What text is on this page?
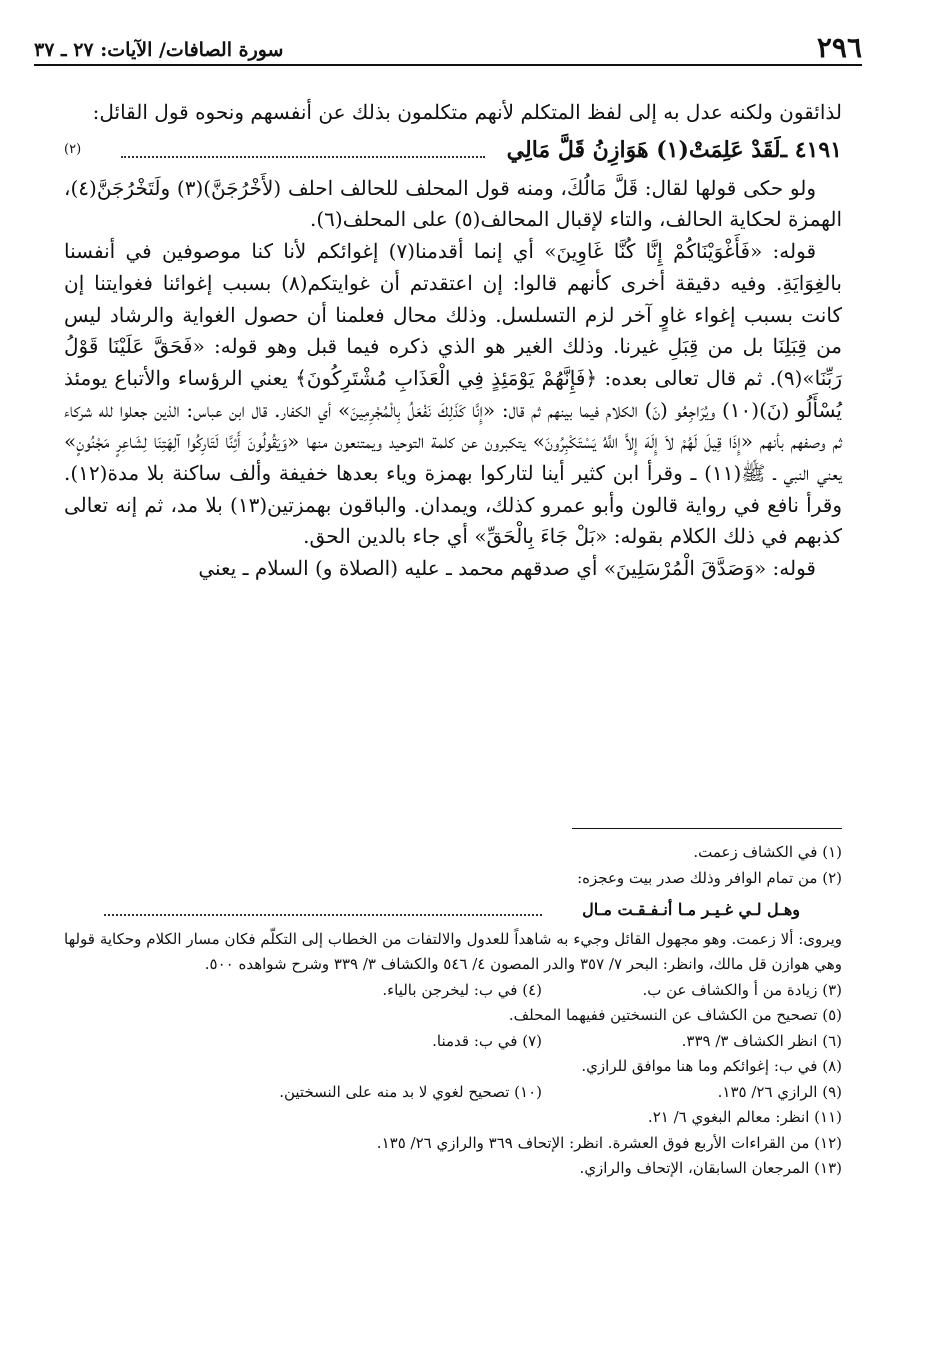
٢٩٦
سورة الصافات/ الآيات: ٢٧ ـ ٣٧

لذائقون ولكنه عدل به إلى لفظ المتكلم لأنهم متكلمون بذلك عن أنفسهم ونحوه قول القائل:

٤١٩١ ـ
لَقَدْ عَلِمَتْ(١) هَوَازِنُ قَلَّ مَالِي
(٢)

ولو حكى قولها لقال: قَلَّ مَالُكَ، ومنه قول المحلف للحالف احلف (لأَخْرُجَنَّ)(٣) ولَتَخْرُجَنَّ(٤)، الهمزة لحكاية الحالف، والتاء لإقبال المحالف(٥) على المحلف(٦).

قوله: «فَأَغْوَيْنَاكُمْ إِنَّا كُنَّا غَاوِينَ» أي إنما أقدمنا(٧) إغوائكم لأنا كنا موصوفين في أنفسنا بالغِوَايَةِ. وفيه دقيقة أخرى كأنهم قالوا: إن اعتقدتم أن غوايتكم(٨) بسبب إغوائنا فغوايتنا إن كانت بسبب إغواء غاوٍ آخر لزم التسلسل. وذلك محال فعلمنا أن حصول الغواية والرشاد ليس من قِبَلِنَا بل من قِبَلِ غيرنا. وذلك الغير هو الذي ذكره فيما قبل وهو قوله: «فَحَقَّ عَلَيْنَا قَوْلُ رَبِّنَا»(٩). ثم قال تعالى بعده: ﴿فَإِنَّهُمْ يَوْمَئِذٍ فِي الْعَذَابِ مُشْتَرِكُونَ﴾ يعني الرؤساء والأتباع يومئذ يُسْأَلُو (نَ)(١٠) ويُرَاجِعُو (نَ) الكلام فيما بينهم ثم قال: «إِنَّا كَذَلِكَ نَفْعَلُ بِالْمُجْرِمِينَ» أي الكفار. قال ابن عباس: الذين جعلوا لله شركاء ثم وصفهم بأنهم «إِذَا قِيلَ لَهُمْ لاَ إِلَهَ إِلاَّ اللَّهُ يَسْتَكْبِرُونَ» يتكبرون عن كلمة التوحيد ويمتنعون منها «وَيَقُولُونَ أَئِنَّا لَتَارِكُوا آلِهَتِنَا لِشَاعِرٍ مَجْنُونٍ» يعني النبي ـ ﷺ(١١) ـ وقرأ ابن كثير أينا لتاركوا بهمزة وياء بعدها خفيفة وألف ساكنة بلا مدة(١٢). وقرأ نافع في رواية قالون وأبو عمرو كذلك، ويمدان. والباقون بهمزتين(١٣) بلا مد، ثم إنه تعالى كذبهم في ذلك الكلام بقوله: «بَلْ جَاءَ بِالْحَقِّ» أي جاء بالدين الحق.

قوله: «وَصَدَّقَ الْمُرْسَلِينَ» أي صدقهم محمد ـ عليه (الصلاة و) السلام ـ يعني

(١) في الكشاف زعمت.
(٢) من تمام الوافر وذلك صدر بيت وعجزه:
وهـل لـي غـيـر مـا أنـفـقـت مـال
ويروى: ألا زعمت. وهو مجهول القائل وجيء به شاهداً للعدول والالتفات من الخطاب إلى التكلّم فكان مسار الكلام وحكاية قولها وهي هوازن قل مالك، وانظر: البحر ٧/ ٣٥٧ والدر المصون ٤/ ٥٤٦ والكشاف ٣/ ٣٣٩ وشرح شواهده ٥٠٠.
(٣) زيادة من أ والكشاف عن ب.
(٤) في ب: ليخرجن بالياء.
(٥) تصحيح من الكشاف عن النسختين ففيهما المحلف.
(٦) انظر الكشاف ٣/ ٣٣٩.
(٧) في ب: قدمنا.
(٨) في ب: إغوائكم وما هنا موافق للرازي.
(٩) الرازي ٢٦/ ١٣٥.
(١٠) تصحيح لغوي لا بد منه على النسختين.
(١١) انظر: معالم البغوي ٦/ ٢١.
(١٢) من القراءات الأربع فوق العشرة. انظر: الإتحاف ٣٦٩ والرازي ٢٦/ ١٣٥.
(١٣) المرجعان السابقان، الإتحاف والرازي.
